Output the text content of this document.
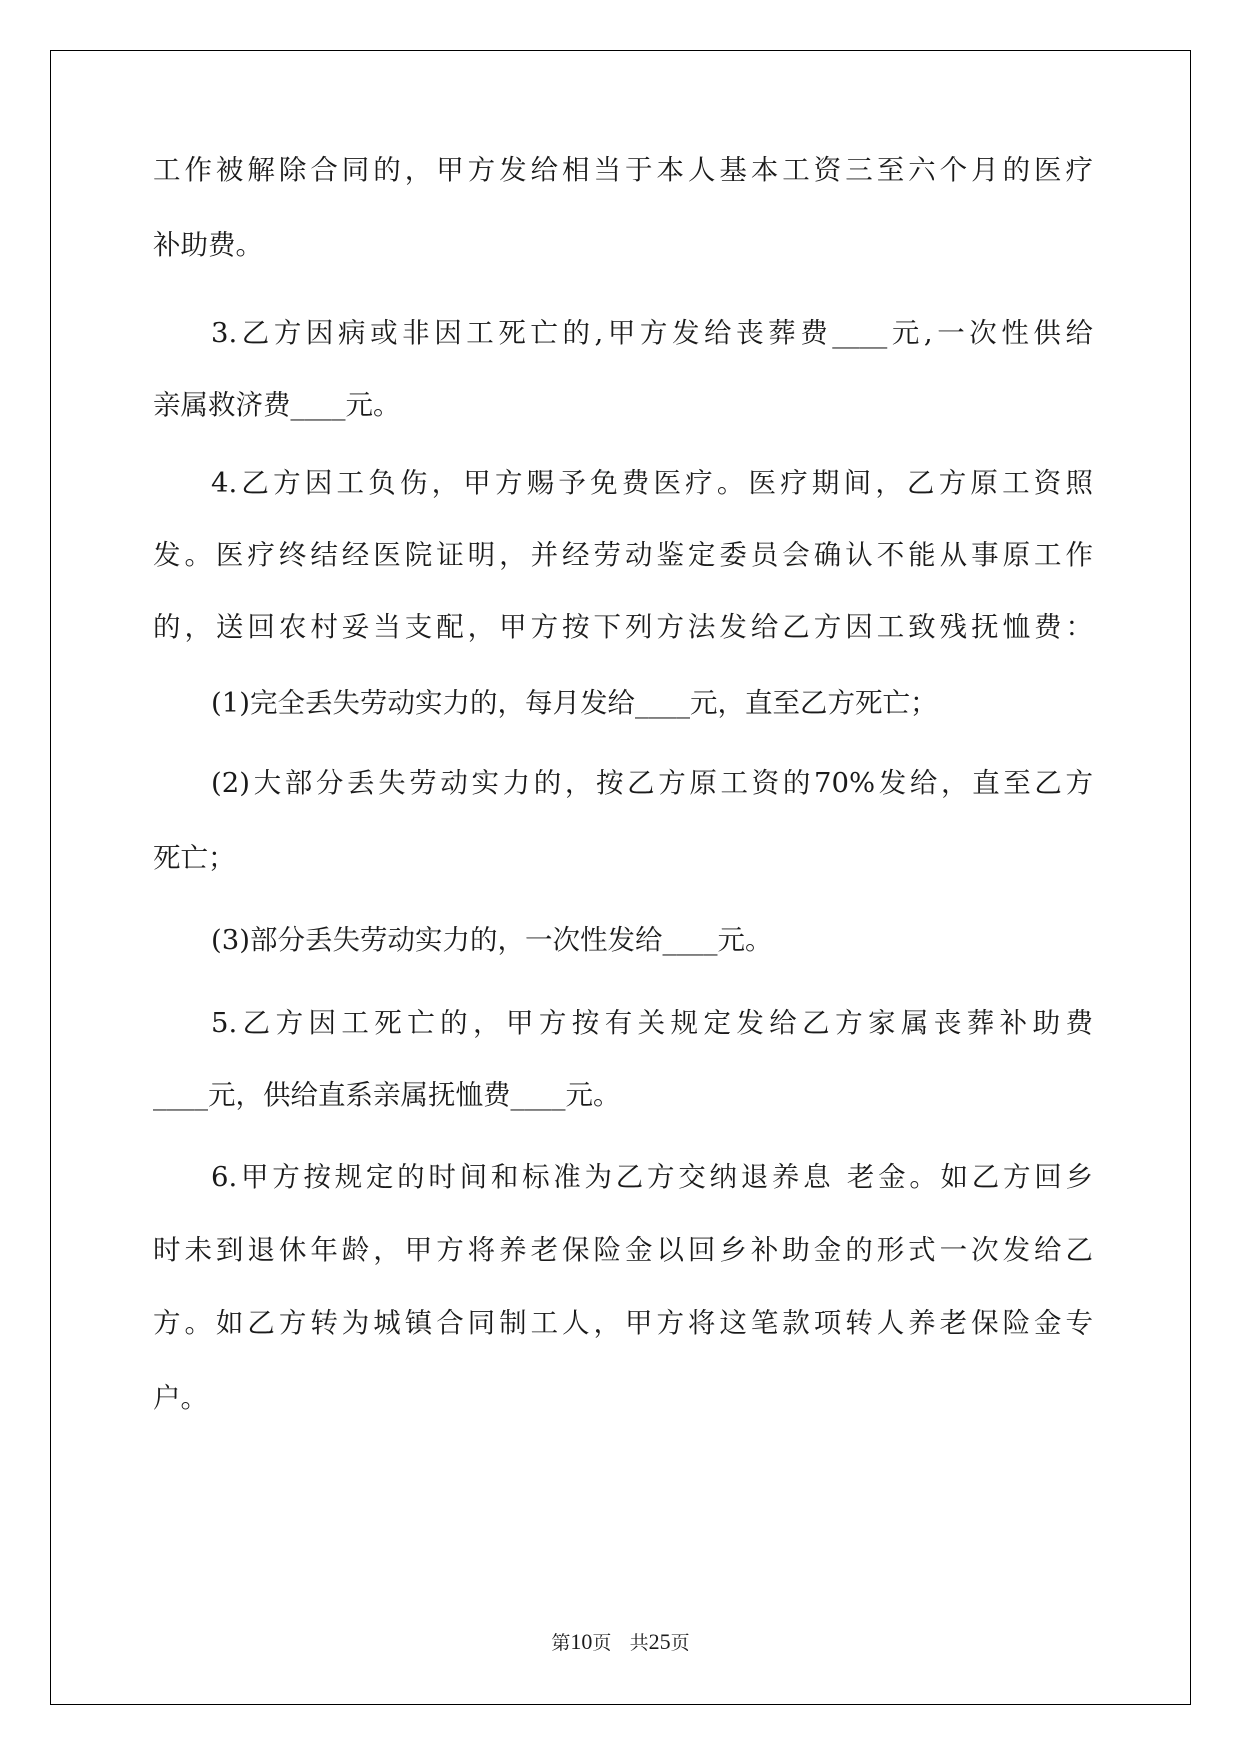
工作被解除合同的，甲方发给相当于本人基本工资三至六个月的医疗

补助费。

3.乙方因病或非因工死亡的,甲方发给丧葬费____元,一次性供给

亲属救济费____元。

4.乙方因工负伤，甲方赐予免费医疗。医疗期间，乙方原工资照

发。医疗终结经医院证明，并经劳动鉴定委员会确认不能从事原工作

的，送回农村妥当支配，甲方按下列方法发给乙方因工致残抚恤费：

(1)完全丢失劳动实力的，每月发给____元，直至乙方死亡；

(2)大部分丢失劳动实力的，按乙方原工资的70%发给，直至乙方

死亡；

(3)部分丢失劳动实力的，一次性发给____元。

5.乙方因工死亡的，甲方按有关规定发给乙方家属丧葬补助费

____元，供给直系亲属抚恤费____元。

6.甲方按规定的时间和标准为乙方交纳退养息 老金。如乙方回乡

时未到退休年龄，甲方将养老保险金以回乡补助金的形式一次发给乙

方。如乙方转为城镇合同制工人，甲方将这笔款项转人养老保险金专

户。

第10页 共25页
